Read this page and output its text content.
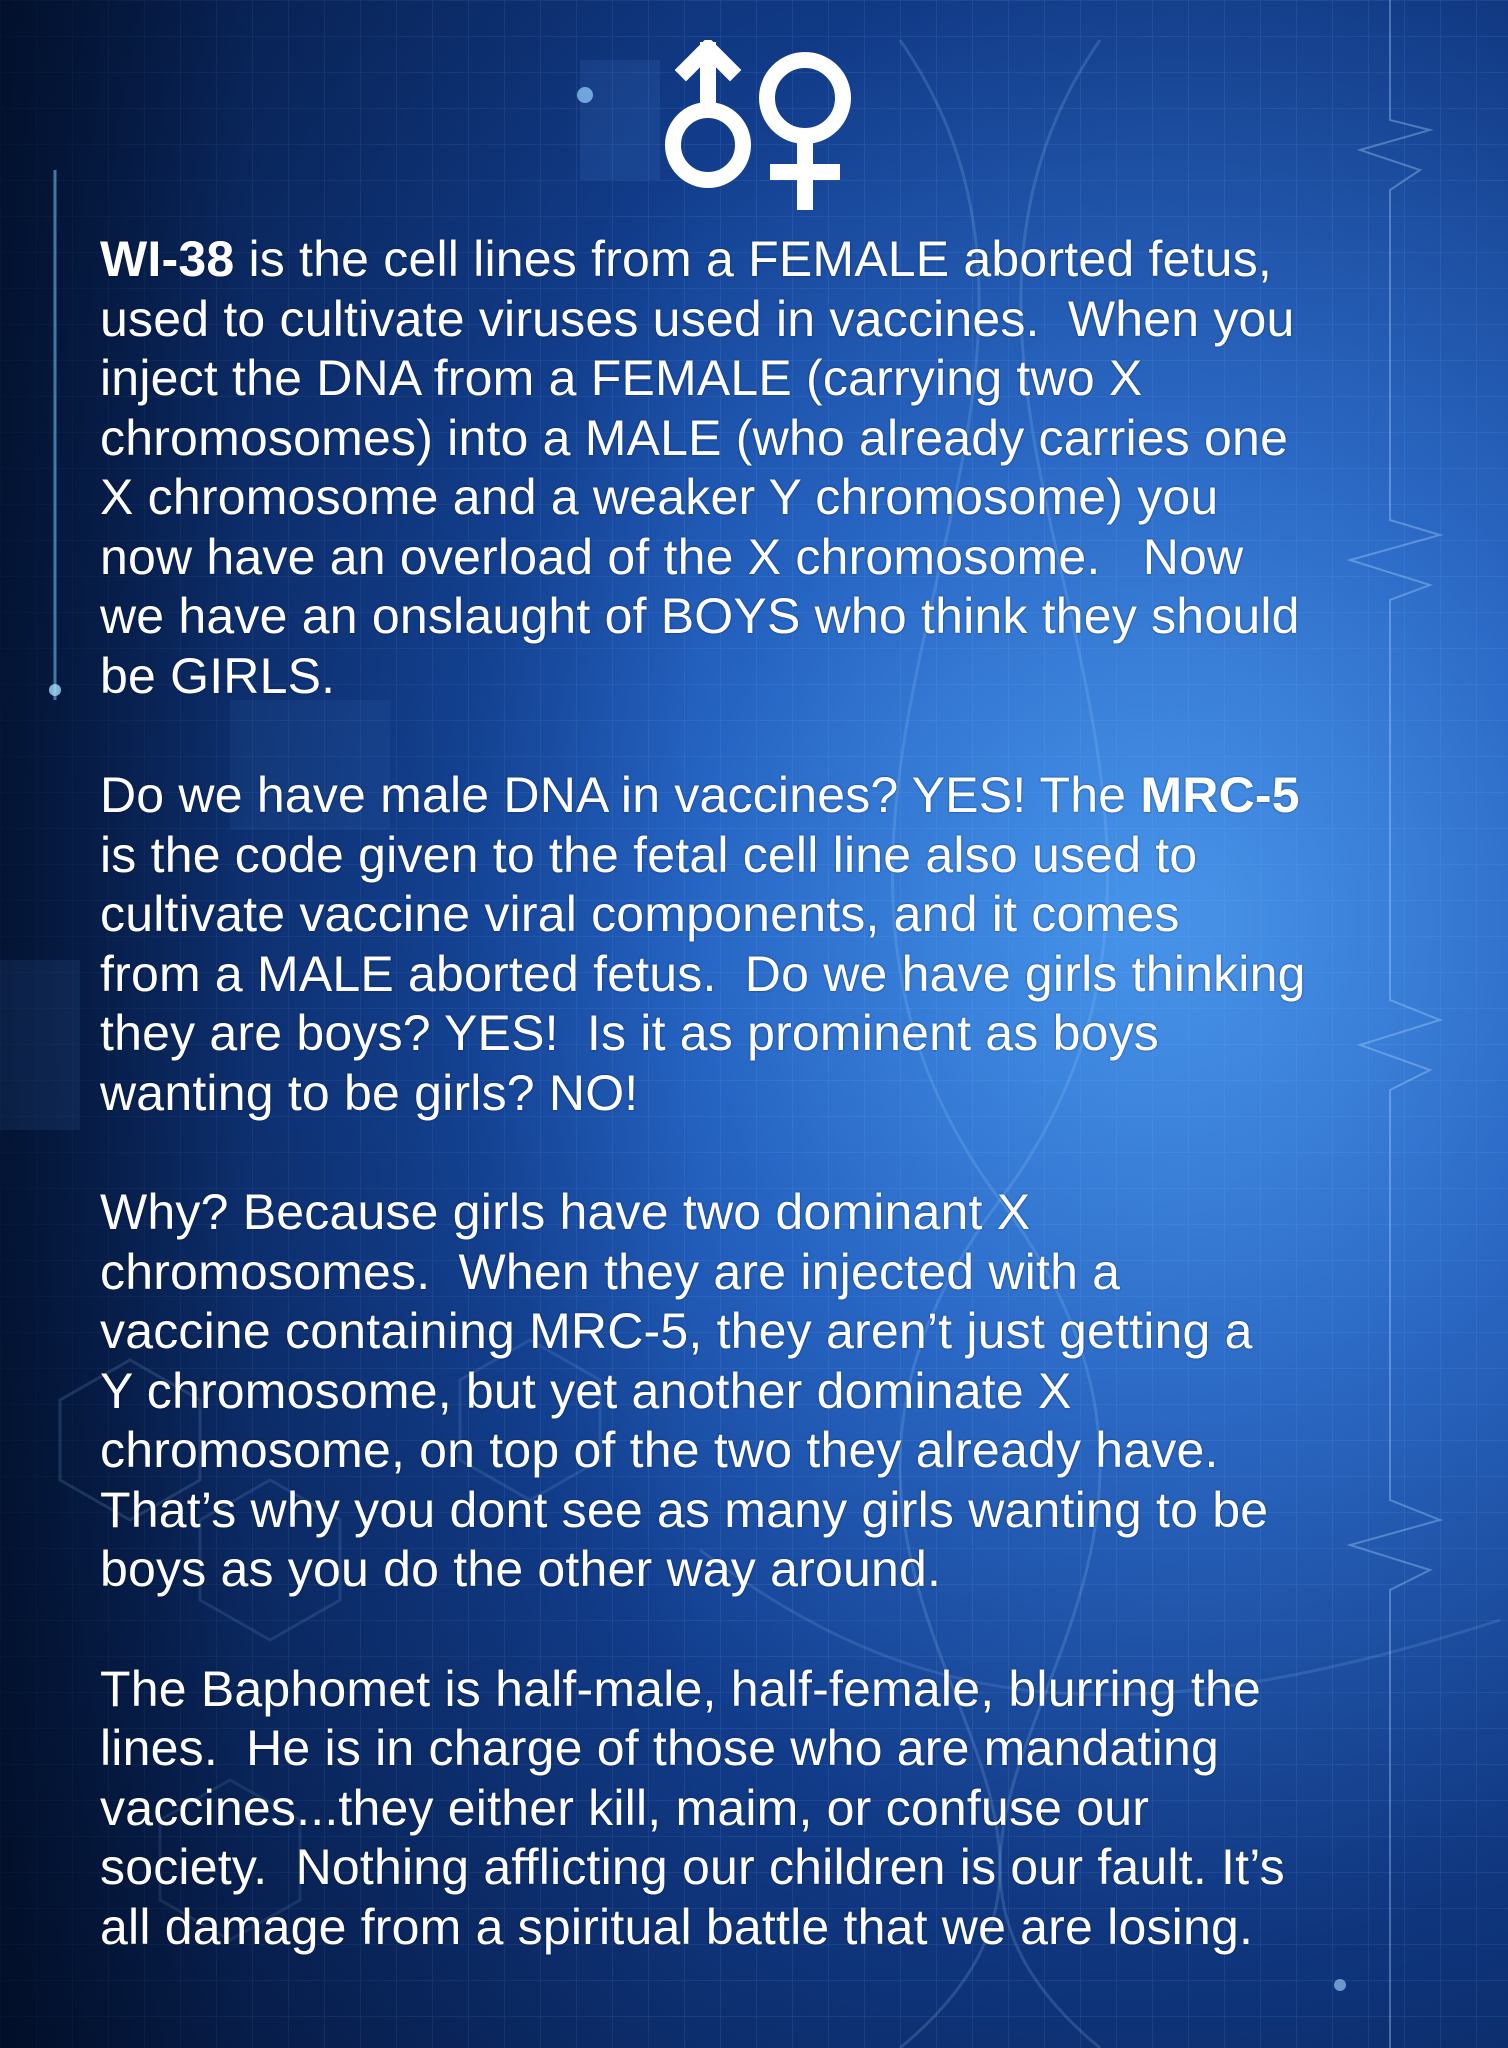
WI-38 is the cell lines from a FEMALE aborted fetus,
used to cultivate viruses used in vaccines.  When you
inject the DNA from a FEMALE (carrying two X
chromosomes) into a MALE (who already carries one
X chromosome and a weaker Y chromosome) you
now have an overload of the X chromosome.   Now
we have an onslaught of BOYS who think they should
be GIRLS.
Do we have male DNA in vaccines? YES! The MRC-5
is the code given to the fetal cell line also used to
cultivate vaccine viral components, and it comes
from a MALE aborted fetus.  Do we have girls thinking
they are boys? YES!  Is it as prominent as boys
wanting to be girls? NO!
Why? Because girls have two dominant X
chromosomes.  When they are injected with a
vaccine containing MRC-5, they aren’t just getting a
Y chromosome, but yet another dominate X
chromosome, on top of the two they already have.
That’s why you dont see as many girls wanting to be
boys as you do the other way around.
The Baphomet is half-male, half-female, blurring the
lines.  He is in charge of those who are mandating
vaccines...they either kill, maim, or confuse our
society.  Nothing afflicting our children is our fault. It’s
all damage from a spiritual battle that we are losing.
